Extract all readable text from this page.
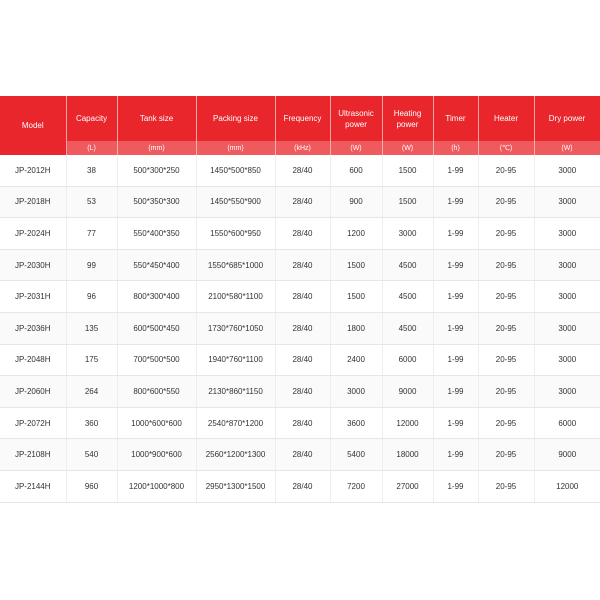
Model	Capacity	Tank size	Packing size	Frequency	Ultrasonic power	Heating power	Timer	Heater	Dry power
	(L)	(mm)	(mm)	(kHz)	(W)	(W)	(h)	(℃)	(W)
JP-2012H	38	500*300*250	1450*500*850	28/40	600	1500	1-99	20-95	3000
JP-2018H	53	500*350*300	1450*550*900	28/40	900	1500	1-99	20-95	3000
JP-2024H	77	550*400*350	1550*600*950	28/40	1200	3000	1-99	20-95	3000
JP-2030H	99	550*450*400	1550*685*1000	28/40	1500	4500	1-99	20-95	3000
JP-2031H	96	800*300*400	2100*580*1100	28/40	1500	4500	1-99	20-95	3000
JP-2036H	135	600*500*450	1730*760*1050	28/40	1800	4500	1-99	20-95	3000
JP-2048H	175	700*500*500	1940*760*1100	28/40	2400	6000	1-99	20-95	3000
JP-2060H	264	800*600*550	2130*860*1150	28/40	3000	9000	1-99	20-95	3000
JP-2072H	360	1000*600*600	2540*870*1200	28/40	3600	12000	1-99	20-95	6000
JP-2108H	540	1000*900*600	2560*1200*1300	28/40	5400	18000	1-99	20-95	9000
JP-2144H	960	1200*1000*800	2950*1300*1500	28/40	7200	27000	1-99	20-95	12000
